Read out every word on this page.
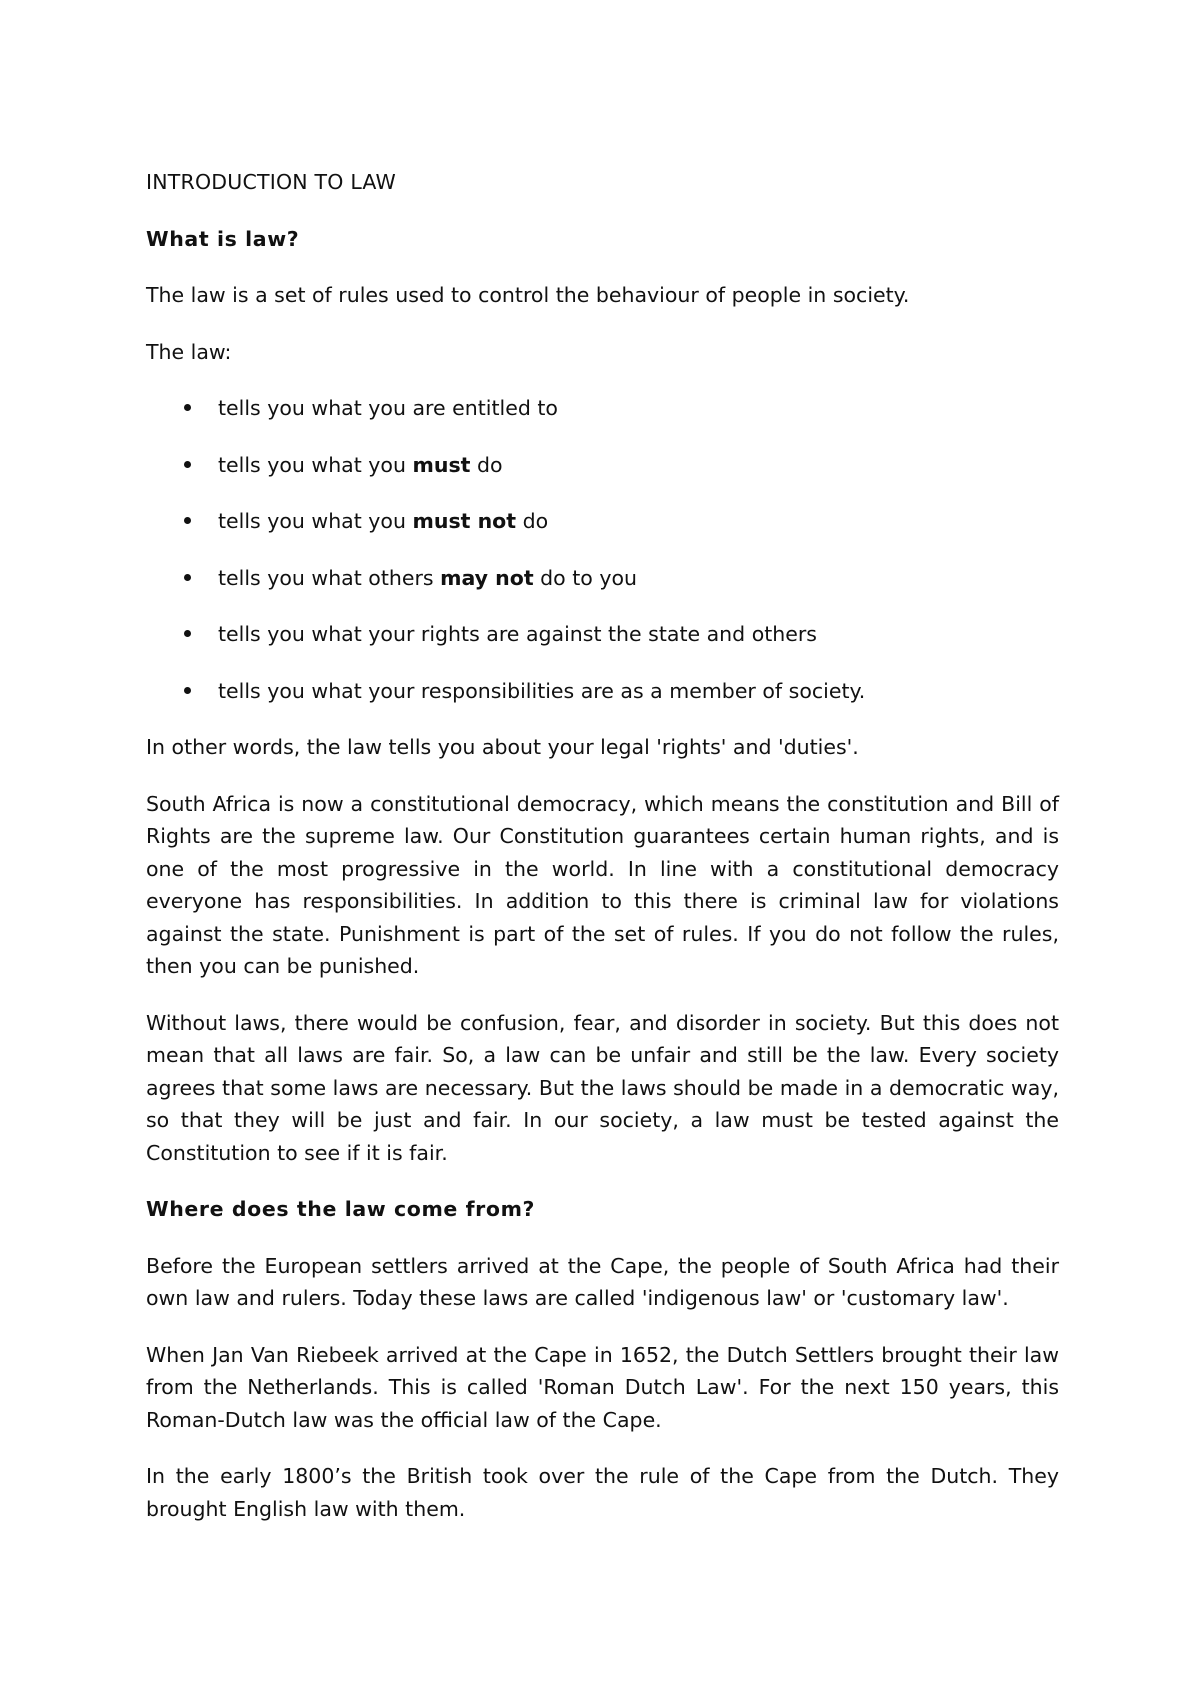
INTRODUCTION TO LAW
What is law?

The law is a set of rules used to control the behaviour of people in society.

The law:

tells you what you are entitled to
tells you what you must do
tells you what you must not do
tells you what others may not do to you
tells you what your rights are against the state and others
tells you what your responsibilities are as a member of society.

In other words, the law tells you about your legal 'rights' and 'duties'.

South Africa is now a constitutional democracy, which means the constitution and Bill of Rights are the supreme law. Our Constitution guarantees certain human rights, and is one of the most progressive in the world. In line with a constitutional democracy everyone has responsibilities. In addition to this there is criminal law for violations against the state. Punishment is part of the set of rules. If you do not follow the rules, then you can be punished.

Without laws, there would be confusion, fear, and disorder in society. But this does not mean that all laws are fair. So, a law can be unfair and still be the law. Every society agrees that some laws are necessary. But the laws should be made in a democratic way, so that they will be just and fair. In our society, a law must be tested against the Constitution to see if it is fair.

Where does the law come from?

Before the European settlers arrived at the Cape, the people of South Africa had their own law and rulers. Today these laws are called 'indigenous law' or 'customary law'.

When Jan Van Riebeek arrived at the Cape in 1652, the Dutch Settlers brought their law from the Netherlands. This is called 'Roman Dutch Law'. For the next 150 years, this Roman-Dutch law was the official law of the Cape.

In the early 1800’s the British took over the rule of the Cape from the Dutch. They brought English law with them.
